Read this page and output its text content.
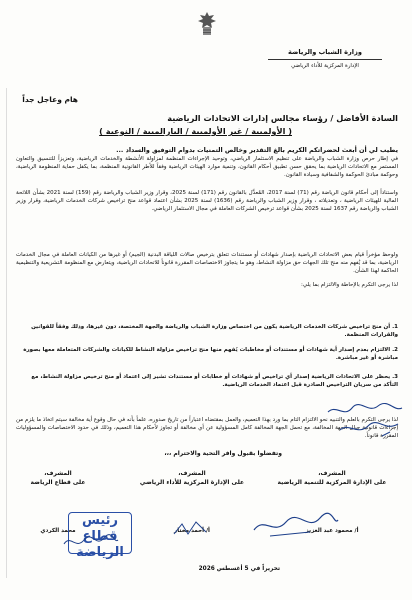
وزارة الشباب والرياضة
الإدارة المركزية للأداء الرياضي
هام وعاجل جداً
السادة الأفاضل / رؤساء مجالس إدارات الاتحادات الرياضية
( الأولمبية / غير الأولمبية / البارالمبية / النوعية )
يطيب لي أن أبعث لحضراتكم الكريم بالغ التقدير وخالص التمنيات بدوام التوفيق والسداد ...
في إطار حرص وزارة الشباب والرياضة على تنظيم الاستثمار الرياضي، وتوحيد الإجراءات المنظمة لمزاولة الأنشطة والخدمات الرياضية، وتعزيزاً للتنسيق والتعاون المستمر مع الاتحادات الرياضية بما يحقق حسن تطبيق أحكام القانون، وتنمية موارد الهيئات الرياضية وفقاً للأطر القانونية المنظمة، بما يكفل حماية المنظومة الرياضية، وحوكمة مبادئ الحوكمة والشفافية وسيادة القانون.
واستناداً إلى أحكام قانون الرياضة رقم (71) لسنة 2017، المُعدَّل بالقانون رقم (171) لسنة 2025، وقرار وزير الشباب والرياضة رقم (159) لسنة 2021 بشأن اللائحة المالية للهيئات الرياضية ، وتعديلاته ، وقرار وزير الشباب والرياضة رقم (1636) لسنة 2025 بشأن اعتماد قواعد منح تراخيص شركات الخدمات الرياضية، وقرار وزير الشباب والرياضة رقم 1637 لسنة 2025 بشأن قواعد ترخيص الشركات العاملة في مجال الاستثمار الرياضي.
ولوحظ مؤخراً قيام بعض الاتحادات الرياضية بإصدار شهادات أو مستندات تتعلق بترخيص صالات اللياقة البدنية (الجيم) أو غيرها من الكيانات العاملة في مجال الخدمات الرياضية، بما قد يُفهم منه منح تلك الجهات حق مزاولة النشاط، وهو ما يتجاوز الاختصاصات المقررة قانوناً للاتحادات الرياضية، ويتعارض مع المنظومة التشريعية والتنظيمية الحاكمة لهذا الشأن.
لذا يرجى التكرم بالإحاطة والالتزام بما يلي:
1. أن منح تراخيص شركات الخدمات الرياضية يكون من اختصاص وزارة الشباب والرياضة والجهة المختصة، دون غيرها، وذلك وفقاً للقوانين والقرارات المنظمة.
2. الالتزام بعدم إصدار أية شهادات أو مستندات أو مخاطبات يُفهم منها منح تراخيص مزاولة النشاط للكيانات والشركات المتعاملة معها بصورة مباشرة أو غير مباشرة.
3. يحظر على الاتحادات الرياضية إصدار أي تراخيص أو شهادات أو خطابات أو مستندات تشير إلى اعتماد أو منح ترخيص مزاولة النشاط، مع التأكد من سريان التراخيص الصادرة قبل اعتماد الخدمات الرياضية.
لذا يرجى التكرم بالعلم والتنبيه نحو الالتزام التام بما ورد بهذا التعميم، والعمل بمقتضاه اعتباراً من تاريخ صدوره، علماً بأنه في حال وقوع أية مخالفة سيتم اتخاذ ما يلزم من إجراءات قانونية حيال الجهة المخالفة، مع تحمل الجهة المخالفة كامل المسؤولية عن أي مخالفة أو تجاوز لأحكام هذا التعميم، وذلك في حدود الاختصاصات والمسؤوليات المقررة قانوناً.
وتفضلوا بقبول وافر التحية والاحترام ،،،
المشرف،
على قطاع الرياضة
محمد الكردي
المشرف،
على الإدارة المركزية للأداء الرياضي
أ/ أحمد مختار
المشرف،
على الإدارة المركزية للتنمية الرياضية
أ/ محمود عبد العزيز
رئيس قطاع الرياضة
تحريراً في 5 أغسطس 2026
